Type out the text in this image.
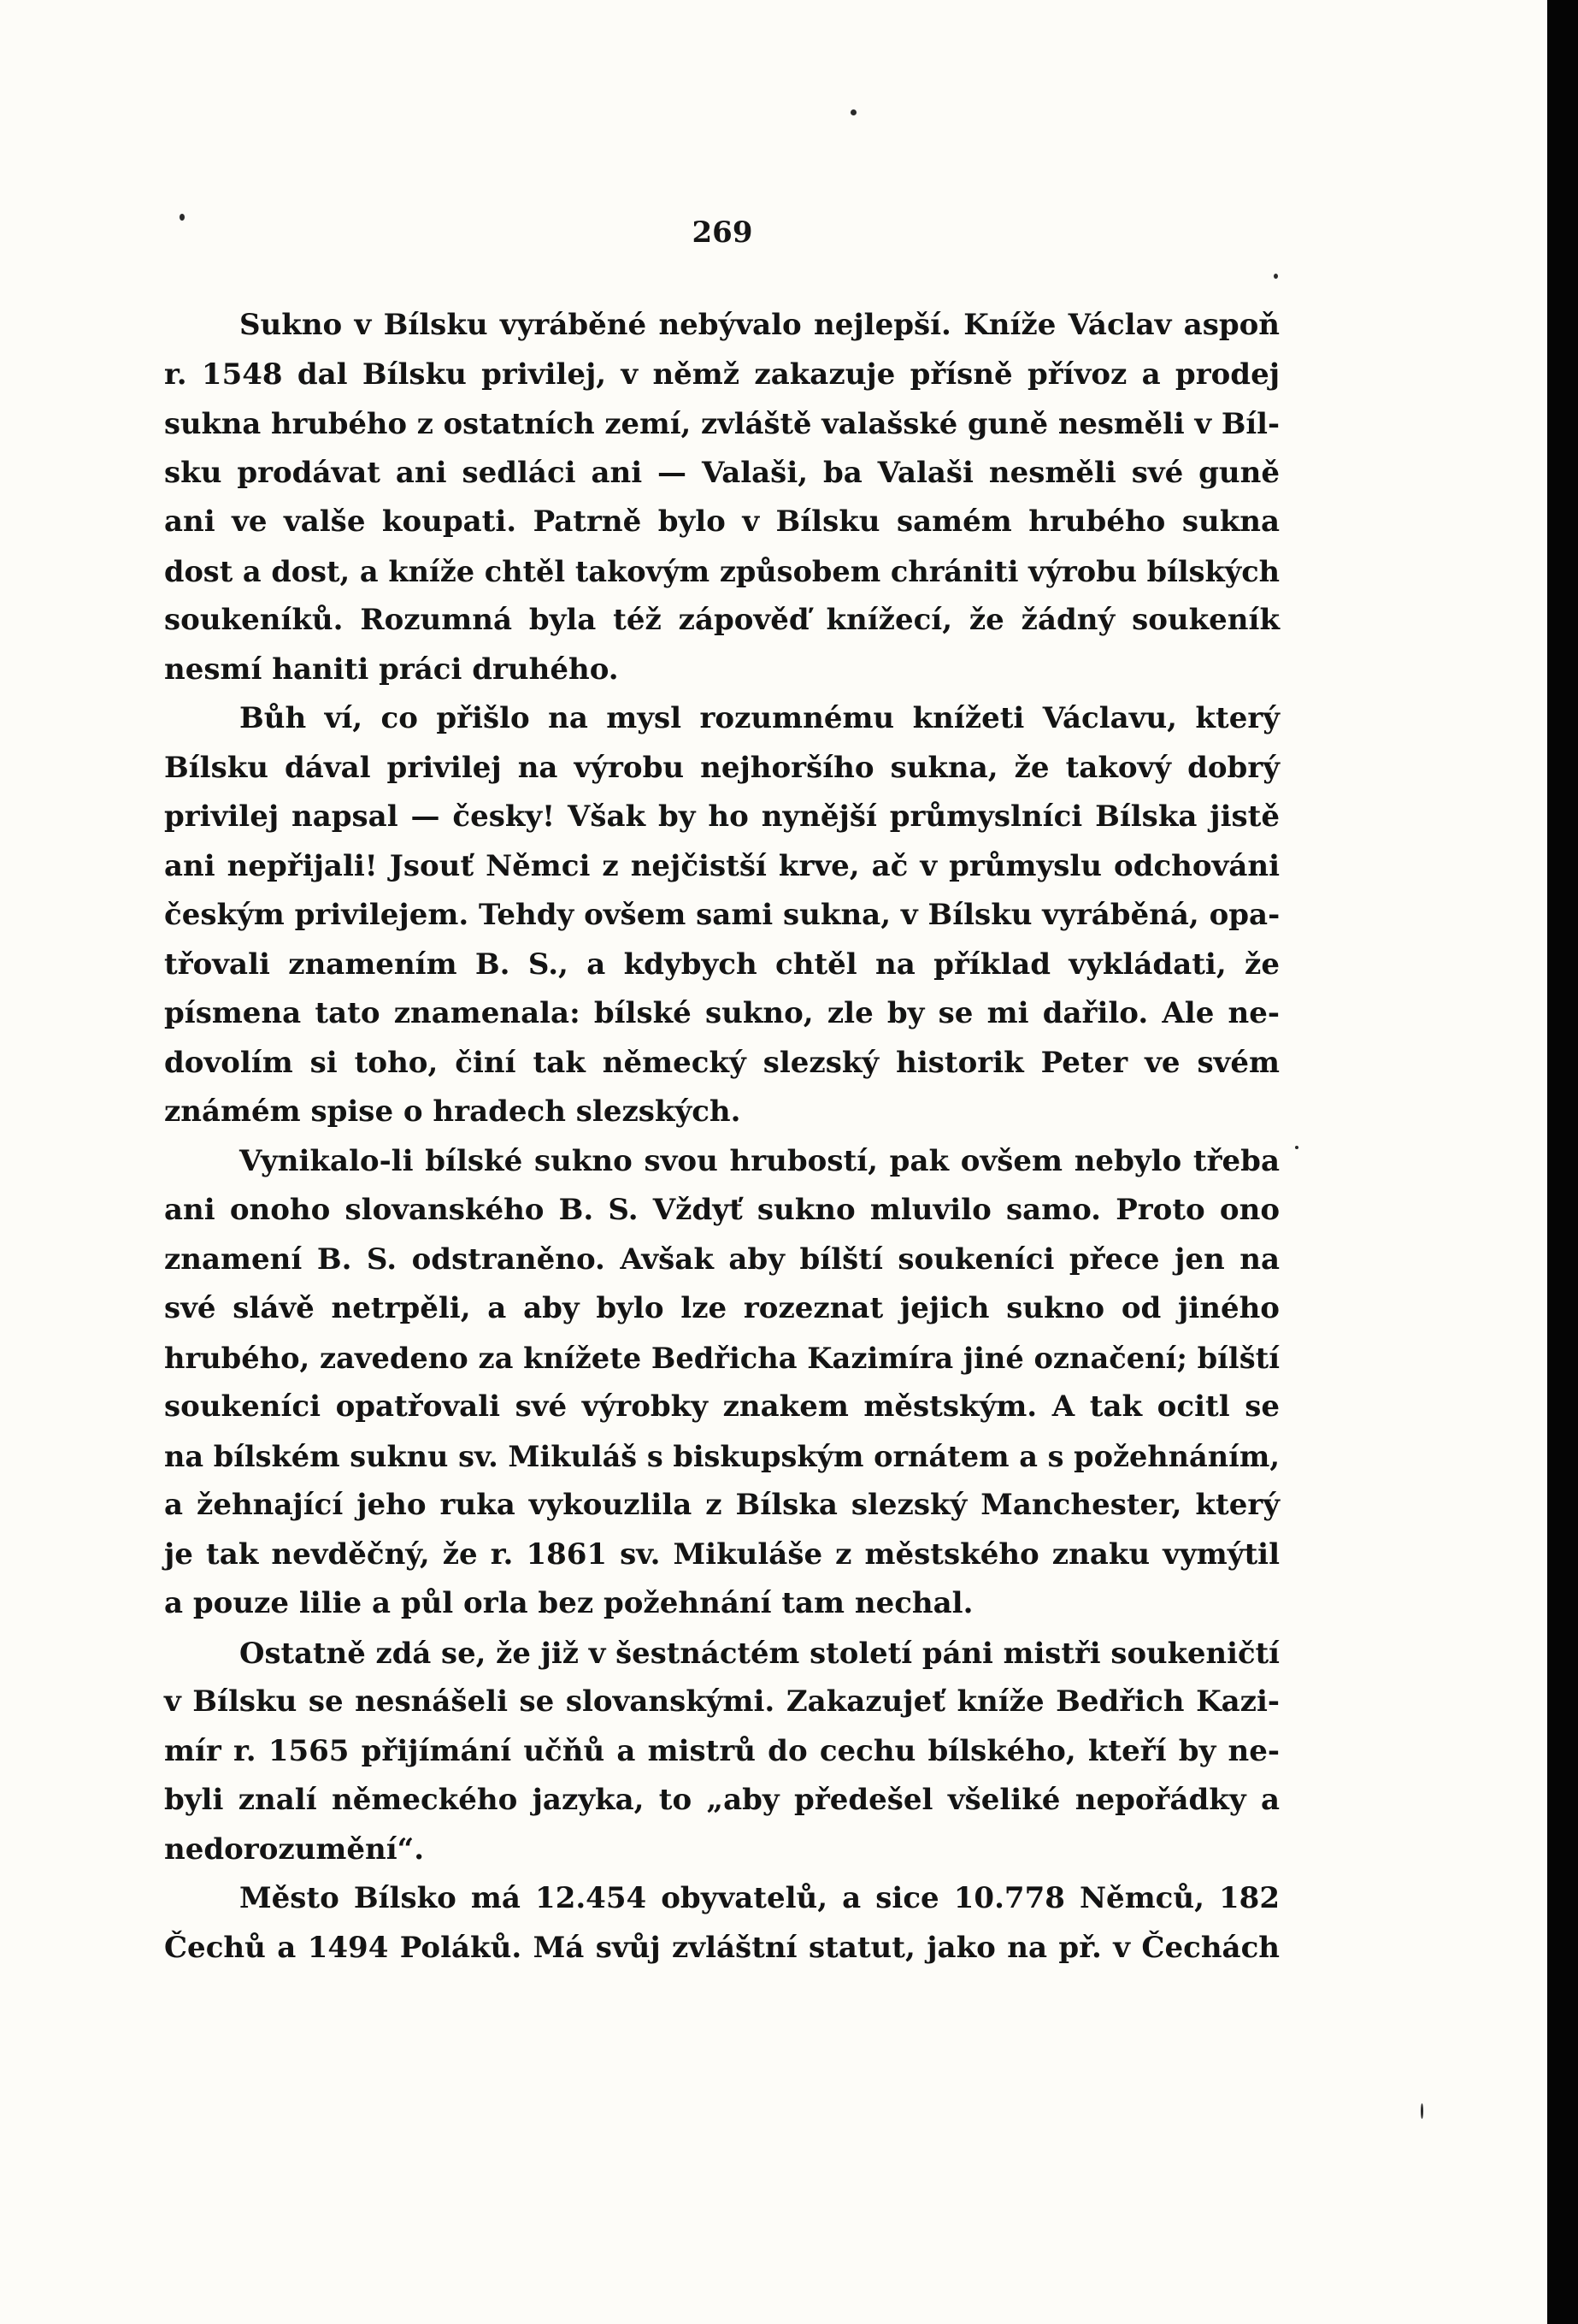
269

Sukno v Bílsku vyráběné nebývalo nejlepší. Kníže Václav aspoň
r. 1548 dal Bílsku privilej, v němž zakazuje přísně přívoz a prodej
sukna hrubého z ostatních zemí, zvláště valašské guně nesměli v Bíl-
sku prodávat ani sedláci ani — Valaši, ba Valaši nesměli své guně
ani ve valše koupati. Patrně bylo v Bílsku samém hrubého sukna
dost a dost, a kníže chtěl takovým způsobem chrániti výrobu bílských
soukeníků. Rozumná byla též zápověď knížecí, že žádný soukeník
nesmí haniti práci druhého.

Bůh ví, co přišlo na mysl rozumnému knížeti Václavu, který
Bílsku dával privilej na výrobu nejhoršího sukna, že takový dobrý
privilej napsal — česky! Však by ho nynější průmyslníci Bílska jistě
ani nepřijali! Jsouť Němci z nejčistší krve, ač v průmyslu odchováni
českým privilejem. Tehdy ovšem sami sukna, v Bílsku vyráběná, opa-
třovali znamením B. S., a kdybych chtěl na příklad vykládati, že
písmena tato znamenala: bílské sukno, zle by se mi dařilo. Ale ne-
dovolím si toho, činí tak německý slezský historik Peter ve svém
známém spise o hradech slezských.

Vynikalo-li bílské sukno svou hrubostí, pak ovšem nebylo třeba
ani onoho slovanského B. S. Vždyť sukno mluvilo samo. Proto ono
znamení B. S. odstraněno. Avšak aby bílští soukeníci přece jen na
své slávě netrpěli, a aby bylo lze rozeznat jejich sukno od jiného
hrubého, zavedeno za knížete Bedřicha Kazimíra jiné označení; bílští
soukeníci opatřovali své výrobky znakem městským. A tak ocitl se
na bílském suknu sv. Mikuláš s biskupským ornátem a s požehnáním,
a žehnající jeho ruka vykouzlila z Bílska slezský Manchester, který
je tak nevděčný, že r. 1861 sv. Mikuláše z městského znaku vymýtil
a pouze lilie a půl orla bez požehnání tam nechal.

Ostatně zdá se, že již v šestnáctém století páni mistři soukeničtí
v Bílsku se nesnášeli se slovanskými. Zakazujeť kníže Bedřich Kazi-
mír r. 1565 přijímání učňů a mistrů do cechu bílského, kteří by ne-
byli znalí německého jazyka, to „aby předešel všeliké nepořádky a
nedorozumění“.

Město Bílsko má 12.454 obyvatelů, a sice 10.778 Němců, 182
Čechů a 1494 Poláků. Má svůj zvláštní statut, jako na př. v Čechách
